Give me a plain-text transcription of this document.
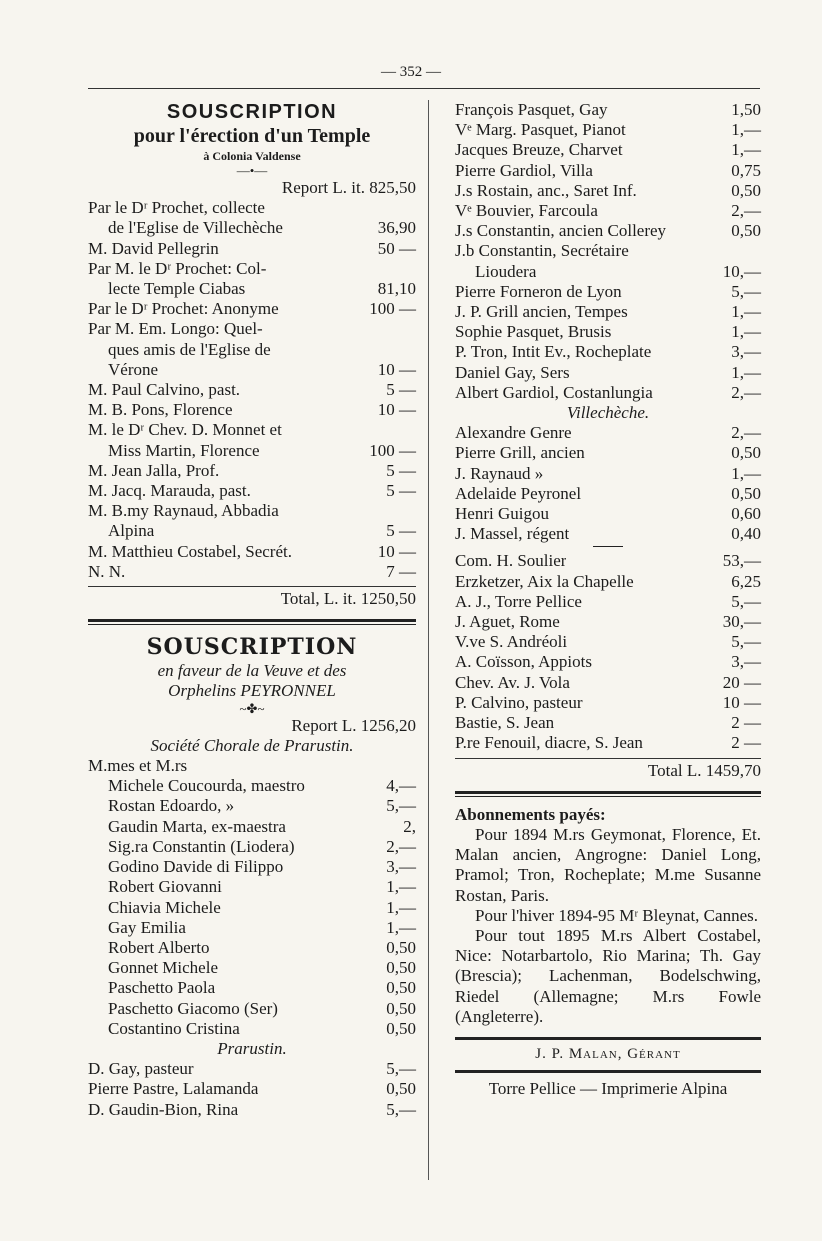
— 352 —
SOUSCRIPTION
pour l'érection d'un Temple
à Colonia Valdense
—•—
Report L. it. 825,50
Par le Dʳ Prochet, collecte
de l'Eglise de Villechèche	36,90
M. David Pellegrin	50 —
Par M. le Dʳ Prochet: Col-
lecte Temple Ciabas	81,10
Par le Dʳ Prochet: Anonyme	100 —
Par M. Em. Longo: Quel-
ques amis de l'Eglise de
Vérone	10 —
M. Paul Calvino, past.	5 —
M. B. Pons, Florence	10 —
M. le Dʳ Chev. D. Monnet et
Miss Martin, Florence	100 —
M. Jean Jalla, Prof.	5 —
M. Jacq. Marauda, past.	5 —
M. B.my Raynaud, Abbadia
Alpina	5 —
M. Matthieu Costabel, Secrét.	10 —
N. N.	7 —
Total, L. it. 1250,50
SOUSCRIPTION
en faveur de la Veuve et des
Orphelins PEYRONNEL
~✤~
Report L. 1256,20
Société Chorale de Prarustin.
M.mes et M.rs
Michele Coucourda, maestro	4,—
Rostan Edoardo, »	5,—
Gaudin Marta, ex-maestra	2,
Sig.ra Constantin (Liodera)	2,—
Godino Davide di Filippo	3,—
Robert Giovanni	1,—
Chiavia Michele	1,—
Gay Emilia	1,—
Robert Alberto	0,50
Gonnet Michele	0,50
Paschetto Paola	0,50
Paschetto Giacomo (Ser)	0,50
Costantino Cristina	0,50
Prarustin.
D. Gay, pasteur	5,—
Pierre Pastre, Lalamanda	0,50
D. Gaudin-Bion, Rina	5,—
François Pasquet, Gay	1,50
Vᵉ Marg. Pasquet, Pianot	1,—
Jacques Breuze, Charvet	1,—
Pierre Gardiol, Villa	0,75
J.s Rostain, anc., Saret Inf.	0,50
Vᵉ Bouvier, Farcoula	2,—
J.s Constantin, ancien Collerey	0,50
J.b Constantin, Secrétaire
Lioudera	10,—
Pierre Forneron de Lyon	5,—
J. P. Grill ancien, Tempes	1,—
Sophie Pasquet, Brusis	1,—
P. Tron, Intit Ev., Rocheplate	3,—
Daniel Gay, Sers	1,—
Albert Gardiol, Costanlungia	2,—
Villechèche.
Alexandre Genre	2,—
Pierre Grill, ancien	0,50
J. Raynaud »	1,—
Adelaide Peyronel	0,50
Henri Guigou	0,60
J. Massel, régent	0,40
Com. H. Soulier	53,—
Erzketzer, Aix la Chapelle	6,25
A. J., Torre Pellice	5,—
J. Aguet, Rome	30,—
V.ve S. Andréoli	5,—
A. Coïsson, Appiots	3,—
Chev. Av. J. Vola	20 —
P. Calvino, pasteur	10 —
Bastie, S. Jean	2 —
P.re Fenouil, diacre, S. Jean	2 —
Total L. 1459,70
Abonnements payés:
Pour 1894 M.rs Geymonat, Florence, Et. Malan ancien, Angrogne: Daniel Long, Pramol; Tron, Rocheplate; M.me Susanne Rostan, Paris.
Pour l'hiver 1894-95 Mʳ Bleynat, Cannes.
Pour tout 1895 M.rs Albert Costabel, Nice: Notarbartolo, Rio Marina; Th. Gay (Brescia); Lachenman, Bodelschwing, Riedel (Allemagne; M.rs Fowle (Angleterre).
J. P. Malan, Gérant
Torre Pellice — Imprimerie Alpina
